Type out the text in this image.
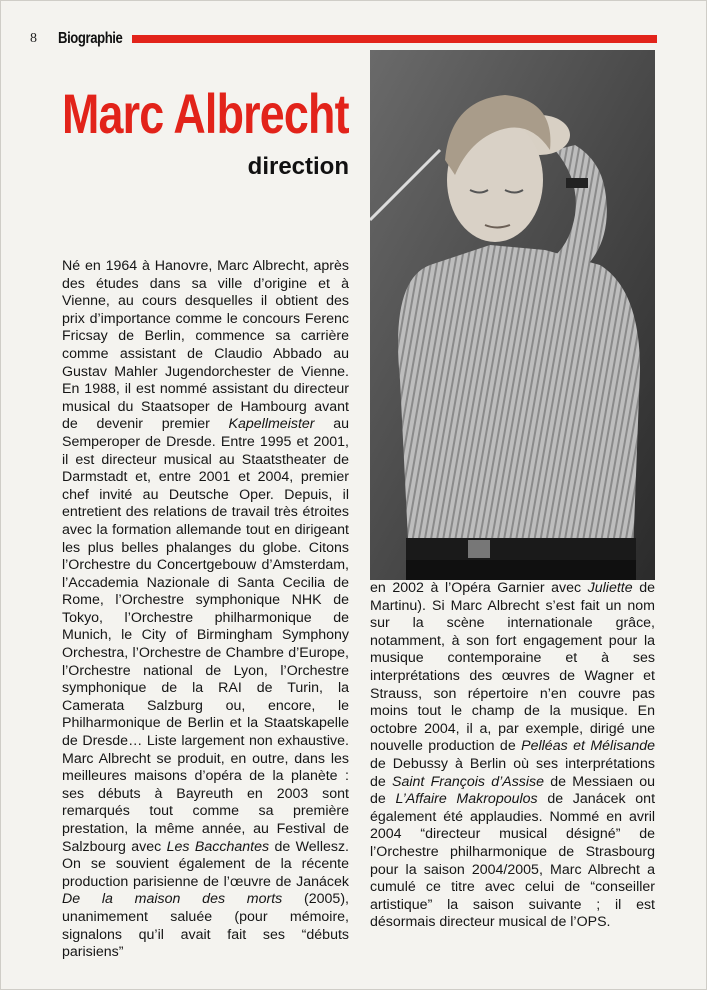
8	Biographie
Marc Albrecht
direction

Né en 1964 à Hanovre, Marc Albrecht, après des études dans sa ville d’origine et à Vienne, au cours desquelles il obtient des prix d’importance comme le concours Ferenc Fricsay de Berlin, commence sa carrière comme assistant de Claudio Abbado au Gustav Mahler Jugendorchester de Vienne. En 1988, il est nommé assistant du directeur musical du Staatsoper de Hambourg avant de devenir premier Kapellmeister au Semperoper de Dresde. Entre 1995 et 2001, il est directeur musical au Staatstheater de Darmstadt et, entre 2001 et 2004, premier chef invité au Deutsche Oper. Depuis, il entretient des relations de travail très étroites avec la formation allemande tout en dirigeant les plus belles phalanges du globe. Citons l’Orchestre du Concertgebouw d’Amsterdam, l’Accademia Nazionale di Santa Cecilia de Rome, l’Orchestre symphonique NHK de Tokyo, l’Orchestre philharmonique de Munich, le City of Birmingham Symphony Orchestra, l’Orchestre de Chambre d’Europe, l’Orchestre national de Lyon, l’Orchestre symphonique de la RAI de Turin, la Camerata Salzburg ou, encore, le Philharmonique de Berlin et la Staatskapelle de Dresde… Liste largement non exhaustive. Marc Albrecht se produit, en outre, dans les meilleures maisons d’opéra de la planète : ses débuts à Bayreuth en 2003 sont remarqués tout comme sa première prestation, la même année, au Festival de Salzbourg avec Les Bacchantes de Wellesz. On se souvient également de la récente production parisienne de l’œuvre de Janácek De la maison des morts (2005), unanimement saluée (pour mémoire, signalons qu’il avait fait ses “débuts parisiens”

en 2002 à l’Opéra Garnier avec Juliette de Martinu). Si Marc Albrecht s’est fait un nom sur la scène internationale grâce, notamment, à son fort engagement pour la musique contemporaine et à ses interprétations des œuvres de Wagner et Strauss, son répertoire n’en couvre pas moins tout le champ de la musique. En octobre 2004, il a, par exemple, dirigé une nouvelle production de Pelléas et Mélisande de Debussy à Berlin où ses interprétations de Saint François d’Assise de Messiaen ou de L’Affaire Makropoulos de Janácek ont également été applaudies. Nommé en avril 2004 “directeur musical désigné” de l’Orchestre philharmonique de Strasbourg pour la saison 2004/2005, Marc Albrecht a cumulé ce titre avec celui de “conseiller artistique” la saison suivante ; il est désormais directeur musical de l’OPS.
